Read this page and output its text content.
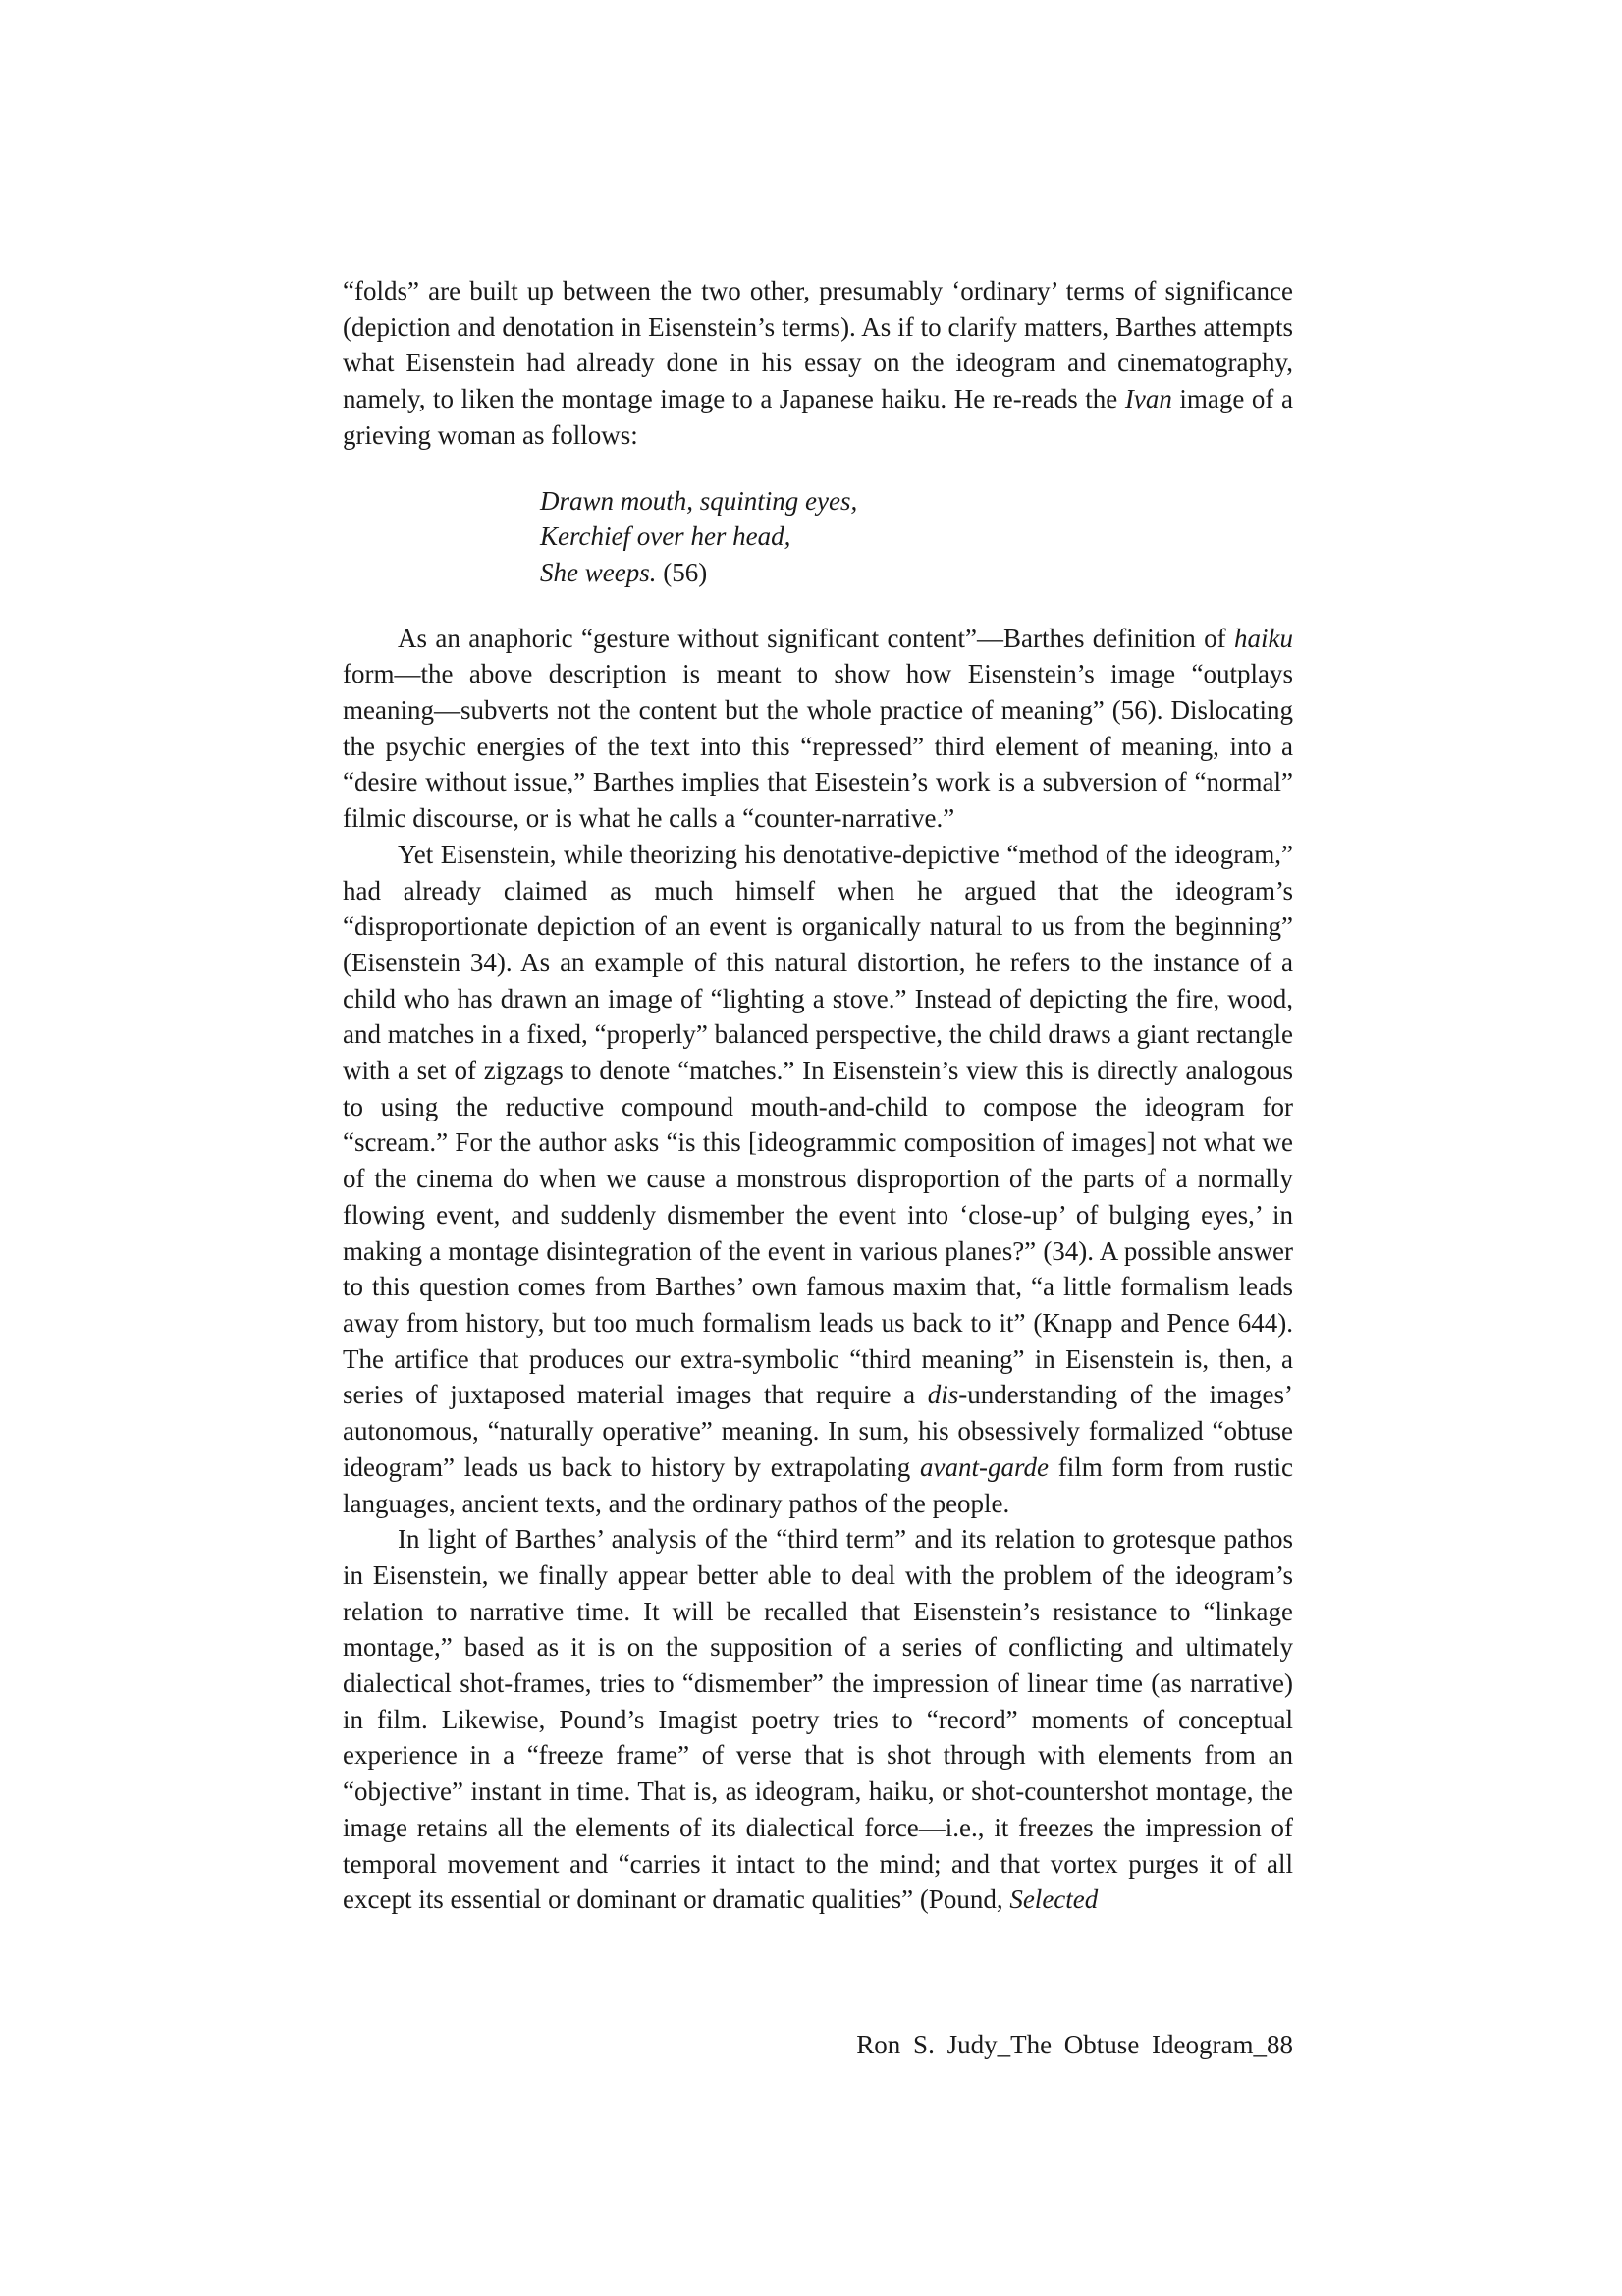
“folds” are built up between the two other, presumably ‘ordinary’ terms of significance (depiction and denotation in Eisenstein’s terms). As if to clarify matters, Barthes attempts what Eisenstein had already done in his essay on the ideogram and cinematography, namely, to liken the montage image to a Japanese haiku. He re-reads the Ivan image of a grieving woman as follows:

Drawn mouth, squinting eyes,
Kerchief over her head,
She weeps. (56)

As an anaphoric “gesture without significant content”—Barthes definition of haiku form—the above description is meant to show how Eisenstein’s image “outplays meaning—subverts not the content but the whole practice of meaning” (56). Dislocating the psychic energies of the text into this “repressed” third element of meaning, into a “desire without issue,” Barthes implies that Eisestein’s work is a subversion of “normal” filmic discourse, or is what he calls a “counter-narrative.”

Yet Eisenstein, while theorizing his denotative-depictive “method of the ideogram,” had already claimed as much himself when he argued that the ideogram’s “disproportionate depiction of an event is organically natural to us from the beginning” (Eisenstein 34). As an example of this natural distortion, he refers to the instance of a child who has drawn an image of “lighting a stove.” Instead of depicting the fire, wood, and matches in a fixed, “properly” balanced perspective, the child draws a giant rectangle with a set of zigzags to denote “matches.” In Eisenstein’s view this is directly analogous to using the reductive compound mouth-and-child to compose the ideogram for “scream.” For the author asks “is this [ideogrammic composition of images] not what we of the cinema do when we cause a monstrous disproportion of the parts of a normally flowing event, and suddenly dismember the event into ‘close-up’ of bulging eyes,’ in making a montage disintegration of the event in various planes?” (34). A possible answer to this question comes from Barthes’ own famous maxim that, “a little formalism leads away from history, but too much formalism leads us back to it” (Knapp and Pence 644). The artifice that produces our extra-symbolic “third meaning” in Eisenstein is, then, a series of juxtaposed material images that require a dis-understanding of the images’ autonomous, “naturally operative” meaning. In sum, his obsessively formalized “obtuse ideogram” leads us back to history by extrapolating avant-garde film form from rustic languages, ancient texts, and the ordinary pathos of the people.

In light of Barthes’ analysis of the “third term” and its relation to grotesque pathos in Eisenstein, we finally appear better able to deal with the problem of the ideogram’s relation to narrative time. It will be recalled that Eisenstein’s resistance to “linkage montage,” based as it is on the supposition of a series of conflicting and ultimately dialectical shot-frames, tries to “dismember” the impression of linear time (as narrative) in film. Likewise, Pound’s Imagist poetry tries to “record” moments of conceptual experience in a “freeze frame” of verse that is shot through with elements from an “objective” instant in time. That is, as ideogram, haiku, or shot-countershot montage, the image retains all the elements of its dialectical force—i.e., it freezes the impression of temporal movement and “carries it intact to the mind; and that vortex purges it of all except its essential or dominant or dramatic qualities” (Pound, Selected

Ron S. Judy_The Obtuse Ideogram_88
